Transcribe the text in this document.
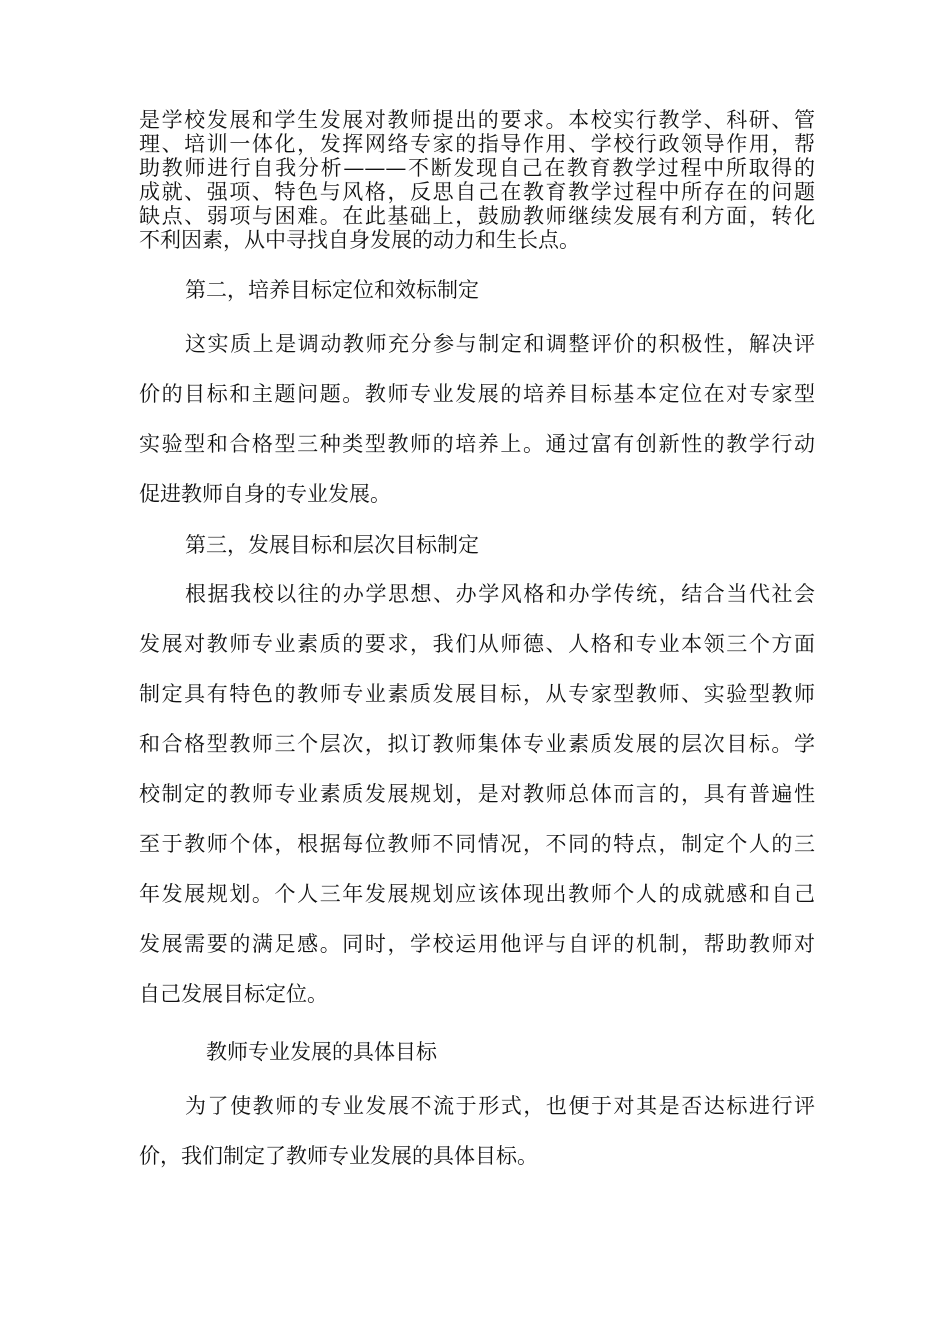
是学校发展和学生发展对教师提出的要求。本校实行教学、科研、管
理、培训一体化，发挥网络专家的指导作用、学校行政领导作用，帮
助教师进行自我分析———不断发现自己在教育教学过程中所取得的
成就、强项、特色与风格，反思自己在教育教学过程中所存在的问题
缺点、弱项与困难。在此基础上，鼓励教师继续发展有利方面，转化
不利因素，从中寻找自身发展的动力和生长点。
第二，培养目标定位和效标制定
这实质上是调动教师充分参与制定和调整评价的积极性，解决评
价的目标和主题问题。教师专业发展的培养目标基本定位在对专家型
实验型和合格型三种类型教师的培养上。通过富有创新性的教学行动
促进教师自身的专业发展。
第三，发展目标和层次目标制定
根据我校以往的办学思想、办学风格和办学传统，结合当代社会
发展对教师专业素质的要求，我们从师德、人格和专业本领三个方面
制定具有特色的教师专业素质发展目标，从专家型教师、实验型教师
和合格型教师三个层次，拟订教师集体专业素质发展的层次目标。学
校制定的教师专业素质发展规划，是对教师总体而言的，具有普遍性
至于教师个体，根据每位教师不同情况，不同的特点，制定个人的三
年发展规划。个人三年发展规划应该体现出教师个人的成就感和自己
发展需要的满足感。同时，学校运用他评与自评的机制，帮助教师对
自己发展目标定位。
教师专业发展的具体目标
为了使教师的专业发展不流于形式，也便于对其是否达标进行评
价，我们制定了教师专业发展的具体目标。
